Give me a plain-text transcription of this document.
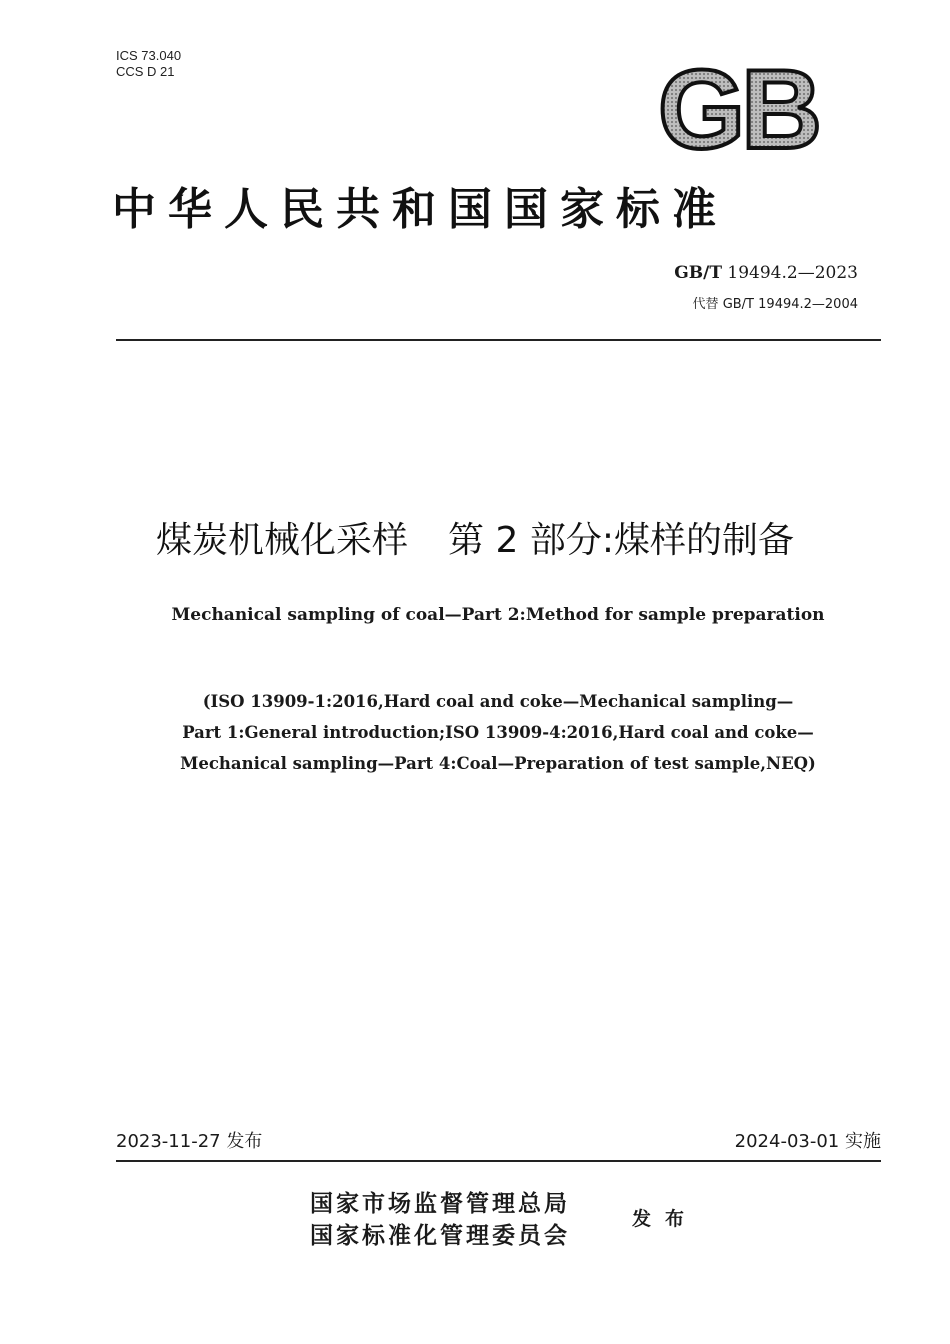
ICS 73.040
CCS D 21	GB
中华人民共和国国家标准
GB/T 19494.2—2023
代替 GB/T 19494.2—2004
煤炭机械化采样 第 2 部分:煤样的制备
Mechanical sampling of coal—Part 2:Method for sample preparation
(ISO 13909-1:2016,Hard coal and coke—Mechanical sampling—
Part 1:General introduction;ISO 13909-4:2016,Hard coal and coke—
Mechanical sampling—Part 4:Coal—Preparation of test sample,NEQ)
2023-11-27 发布	2024-03-01 实施
国家市场监督管理总局
国家标准化管理委员会
发布
